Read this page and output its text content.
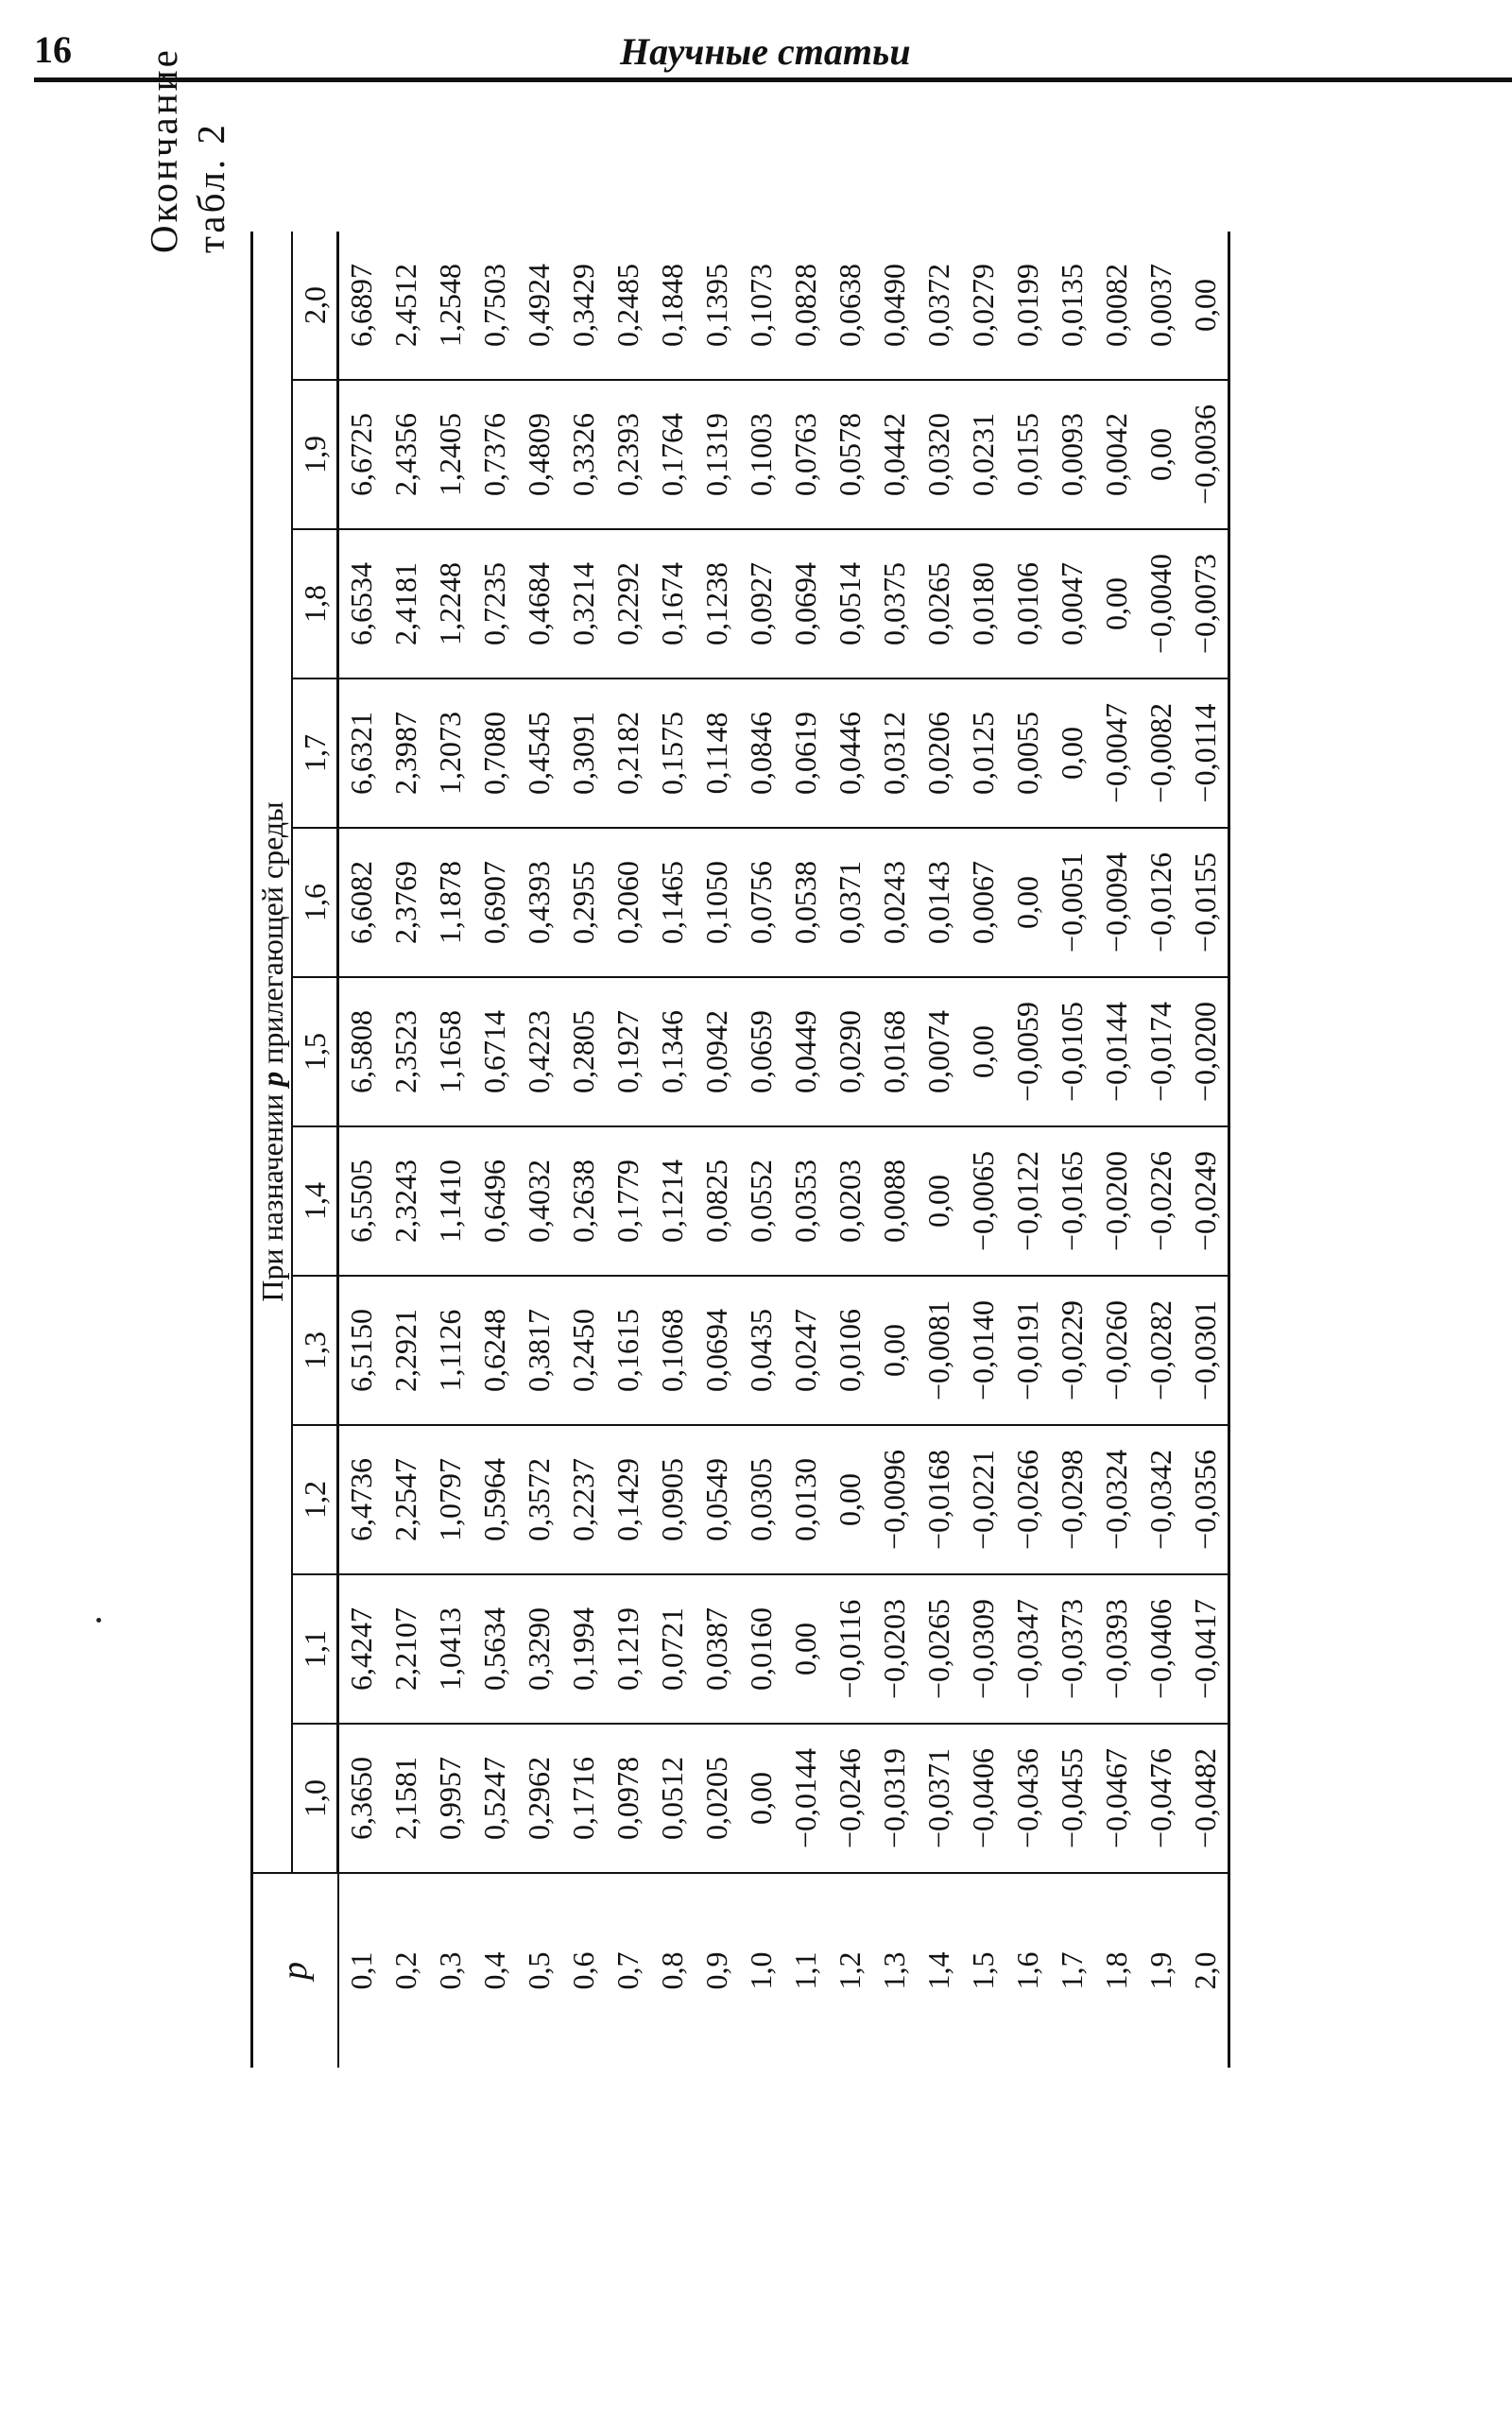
16	Научные статьи
Окончание табл. 2
p	При назначении p прилегающей среды										
	1,0	1,1	1,2	1,3	1,4	1,5	1,6	1,7	1,8	1,9	2,0
0,1	6,3650	6,4247	6,4736	6,5150	6,5505	6,5808	6,6082	6,6321	6,6534	6,6725	6,6897
0,2	2,1581	2,2107	2,2547	2,2921	2,3243	2,3523	2,3769	2,3987	2,4181	2,4356	2,4512
0,3	0,9957	1,0413	1,0797	1,1126	1,1410	1,1658	1,1878	1,2073	1,2248	1,2405	1,2548
0,4	0,5247	0,5634	0,5964	0,6248	0,6496	0,6714	0,6907	0,7080	0,7235	0,7376	0,7503
0,5	0,2962	0,3290	0,3572	0,3817	0,4032	0,4223	0,4393	0,4545	0,4684	0,4809	0,4924
0,6	0,1716	0,1994	0,2237	0,2450	0,2638	0,2805	0,2955	0,3091	0,3214	0,3326	0,3429
0,7	0,0978	0,1219	0,1429	0,1615	0,1779	0,1927	0,2060	0,2182	0,2292	0,2393	0,2485
0,8	0,0512	0,0721	0,0905	0,1068	0,1214	0,1346	0,1465	0,1575	0,1674	0,1764	0,1848
0,9	0,0205	0,0387	0,0549	0,0694	0,0825	0,0942	0,1050	0,1148	0,1238	0,1319	0,1395
1,0	0,00	0,0160	0,0305	0,0435	0,0552	0,0659	0,0756	0,0846	0,0927	0,1003	0,1073
1,1	−0,0144	0,00	0,0130	0,0247	0,0353	0,0449	0,0538	0,0619	0,0694	0,0763	0,0828
1,2	−0,0246	−0,0116	0,00	0,0106	0,0203	0,0290	0,0371	0,0446	0,0514	0,0578	0,0638
1,3	−0,0319	−0,0203	−0,0096	0,00	0,0088	0,0168	0,0243	0,0312	0,0375	0,0442	0,0490
1,4	−0,0371	−0,0265	−0,0168	−0,0081	0,00	0,0074	0,0143	0,0206	0,0265	0,0320	0,0372
1,5	−0,0406	−0,0309	−0,0221	−0,0140	−0,0065	0,00	0,0067	0,0125	0,0180	0,0231	0,0279
1,6	−0,0436	−0,0347	−0,0266	−0,0191	−0,0122	−0,0059	0,00	0,0055	0,0106	0,0155	0,0199
1,7	−0,0455	−0,0373	−0,0298	−0,0229	−0,0165	−0,0105	−0,0051	0,00	0,0047	0,0093	0,0135
1,8	−0,0467	−0,0393	−0,0324	−0,0260	−0,0200	−0,0144	−0,0094	−0,0047	0,00	0,0042	0,0082
1,9	−0,0476	−0,0406	−0,0342	−0,0282	−0,0226	−0,0174	−0,0126	−0,0082	−0,0040	0,00	0,0037
2,0	−0,0482	−0,0417	−0,0356	−0,0301	−0,0249	−0,0200	−0,0155	−0,0114	−0,0073	−0,0036	0,00
